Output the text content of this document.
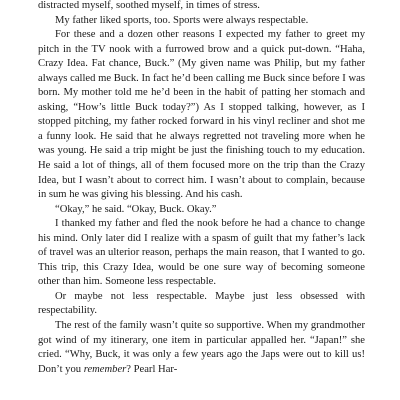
distracted myself, soothed myself, in times of stress.

My father liked sports, too. Sports were always respectable.

For these and a dozen other reasons I expected my father to greet my pitch in the TV nook with a furrowed brow and a quick put-down. “Haha, Crazy Idea. Fat chance, Buck.” (My given name was Philip, but my father always called me Buck. In fact he’d been calling me Buck since before I was born. My mother told me he’d been in the habit of patting her stomach and asking, “How’s little Buck today?”) As I stopped talking, however, as I stopped pitching, my father rocked forward in his vinyl recliner and shot me a funny look. He said that he always regretted not traveling more when he was young. He said a trip might be just the finishing touch to my education. He said a lot of things, all of them focused more on the trip than the Crazy Idea, but I wasn’t about to correct him. I wasn’t about to complain, because in sum he was giving his blessing. And his cash.

“Okay,” he said. “Okay, Buck. Okay.”

I thanked my father and fled the nook before he had a chance to change his mind. Only later did I realize with a spasm of guilt that my father’s lack of travel was an ulterior reason, perhaps the main reason, that I wanted to go. This trip, this Crazy Idea, would be one sure way of becoming someone other than him. Someone less respectable.

Or maybe not less respectable. Maybe just less obsessed with respectability.

The rest of the family wasn’t quite so supportive. When my grandmother got wind of my itinerary, one item in particular appalled her. “Japan!” she cried. “Why, Buck, it was only a few years ago the Japs were out to kill us! Don’t you remember? Pearl Har-
